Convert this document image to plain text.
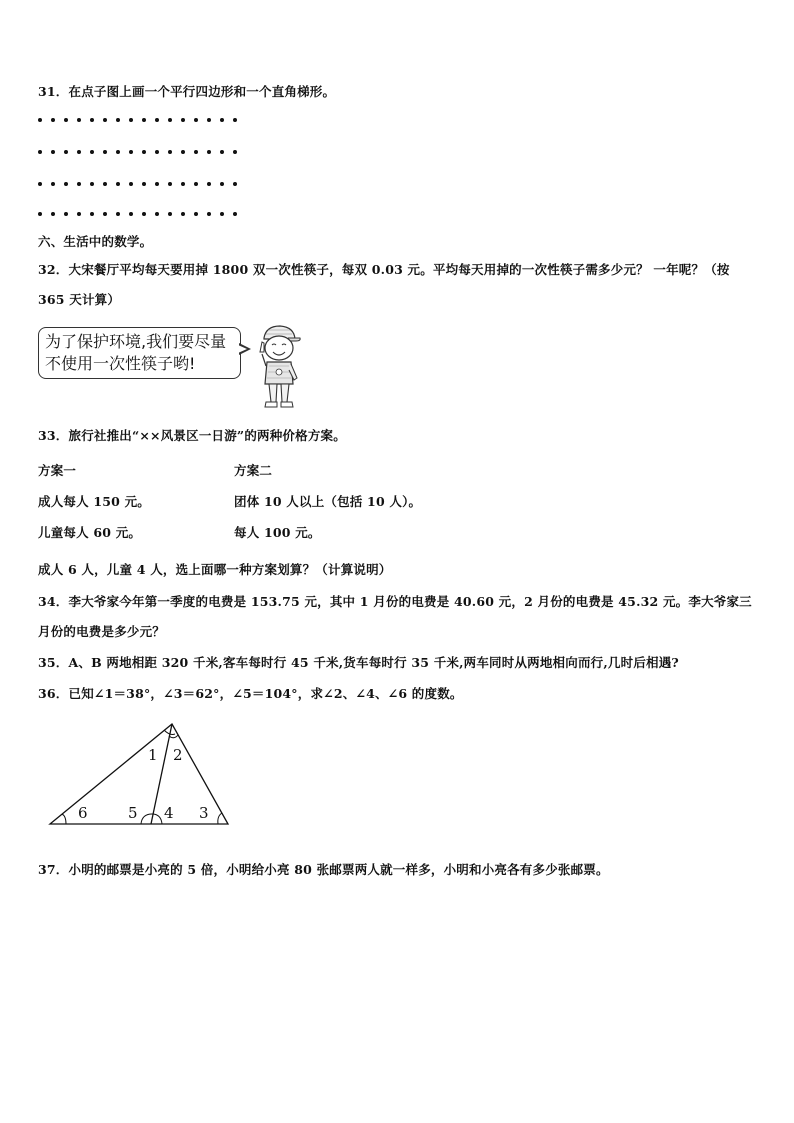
31．在点子图上画一个平行四边形和一个直角梯形。
六、生活中的数学。
32．大宋餐厅平均每天要用掉 1800 双一次性筷子，每双 0.03 元。平均每天用掉的一次性筷子需多少元？ 一年呢？（按
365 天计算）
为了保护环境,我们要尽量
不使用一次性筷子哟!
33．旅行社推出“××风景区一日游”的两种价格方案。
方案一	方案二
成人每人 150 元。	团体 10 人以上（包括 10 人）。
儿童每人 60 元。	每人 100 元。
成人 6 人，儿童 4 人，选上面哪一种方案划算？（计算说明）
34．李大爷家今年第一季度的电费是 153.75 元，其中 1 月份的电费是 40.60 元，2 月份的电费是 45.32 元。李大爷家三
月份的电费是多少元？
35．A、B 两地相距 320 千米,客车每时行 45 千米,货车每时行 35 千米,两车同时从两地相向而行,几时后相遇?
36．已知∠1＝38°，∠3＝62°，∠5＝104°，求∠2、∠4、∠6 的度数。
1 2
6	5 4 3
37．小明的邮票是小亮的 5 倍，小明给小亮 80 张邮票两人就一样多，小明和小亮各有多少张邮票。
